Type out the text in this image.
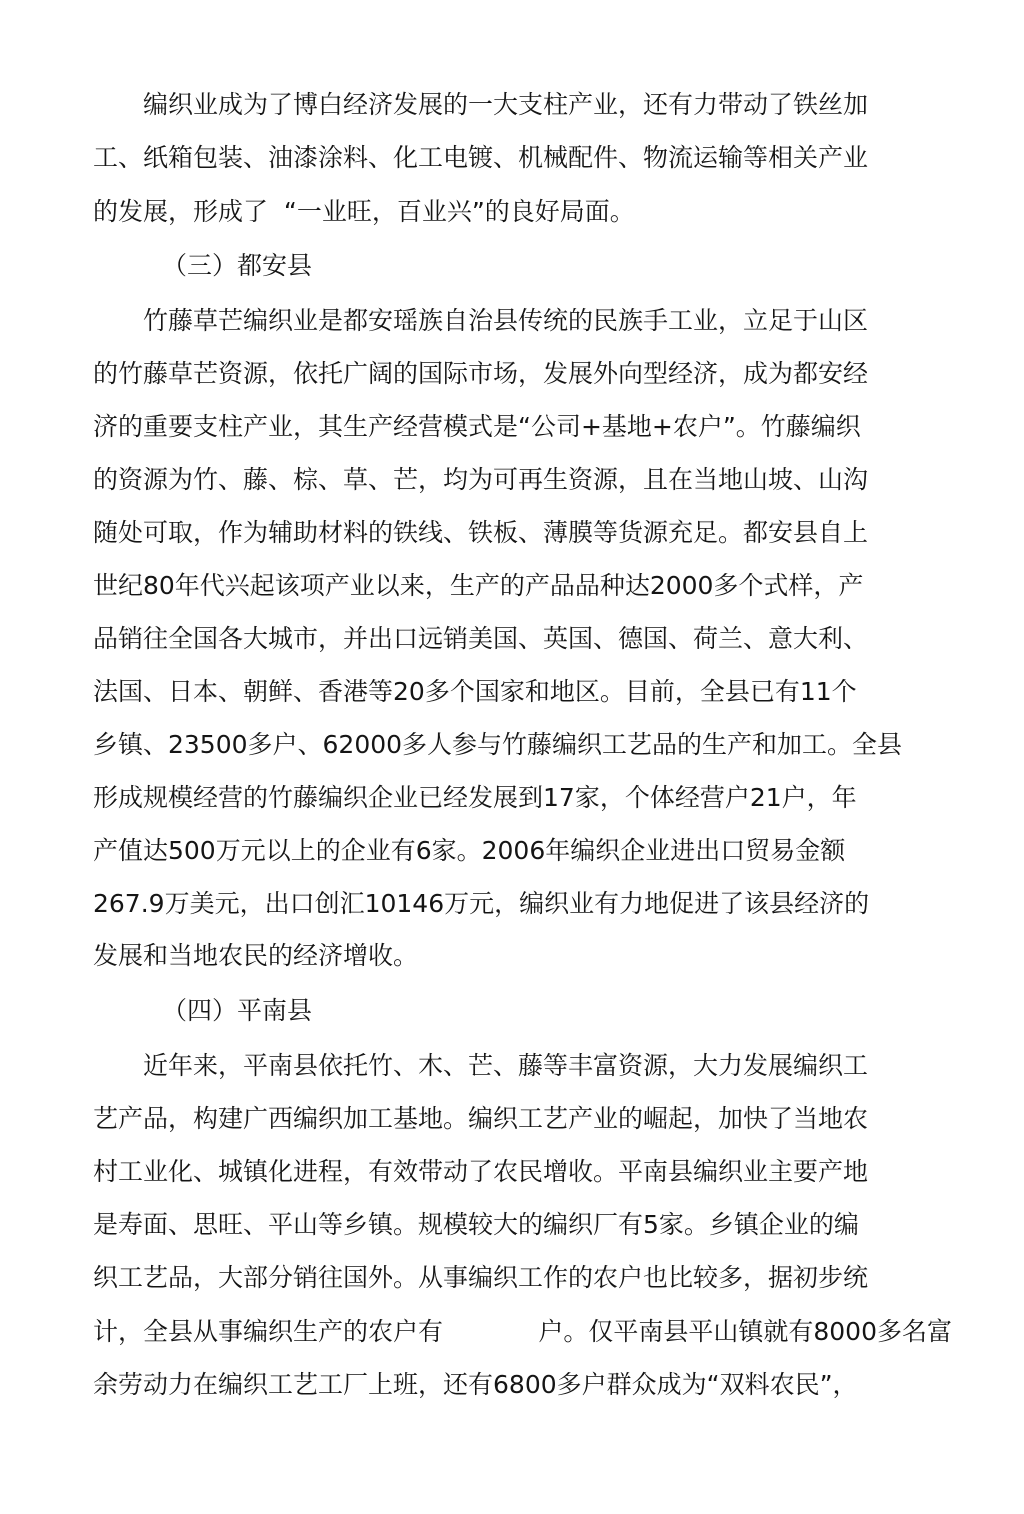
编织业成为了博白经济发展的一大支柱产业，还有力带动了铁丝加
工、纸箱包装、油漆涂料、化工电镀、机械配件、物流运输等相关产业
的发展，形成了  “一业旺，百业兴”的良好局面。
（三）都安县
竹藤草芒编织业是都安瑶族自治县传统的民族手工业，立足于山区
的竹藤草芒资源，依托广阔的国际市场，发展外向型经济，成为都安经
济的重要支柱产业，其生产经营模式是“公司+基地+农户”。竹藤编织
的资源为竹、藤、棕、草、芒，均为可再生资源，且在当地山坡、山沟
随处可取，作为辅助材料的铁线、铁板、薄膜等货源充足。都安县自上
世纪80年代兴起该项产业以来，生产的产品品种达2000多个式样，产
品销往全国各大城市，并出口远销美国、英国、德国、荷兰、意大利、
法国、日本、朝鲜、香港等20多个国家和地区。目前，全县已有11个
乡镇、23500多户、62000多人参与竹藤编织工艺品的生产和加工。全县
形成规模经营的竹藤编织企业已经发展到17家，个体经营户21户，年
产值达500万元以上的企业有6家。2006年编织企业进出口贸易金额
267.9万美元，出口创汇10146万元，编织业有力地促进了该县经济的
发展和当地农民的经济增收。
（四）平南县
近年来，平南县依托竹、木、芒、藤等丰富资源，大力发展编织工
艺产品，构建广西编织加工基地。编织工艺产业的崛起，加快了当地农
村工业化、城镇化进程，有效带动了农民增收。平南县编织业主要产地
是寿面、思旺、平山等乡镇。规模较大的编织厂有5家。乡镇企业的编
织工艺品，大部分销往国外。从事编织工作的农户也比较多，据初步统
计，全县从事编织生产的农户有            户。仅平南县平山镇就有8000多名富
余劳动力在编织工艺工厂上班，还有6800多户群众成为“双料农民”，
